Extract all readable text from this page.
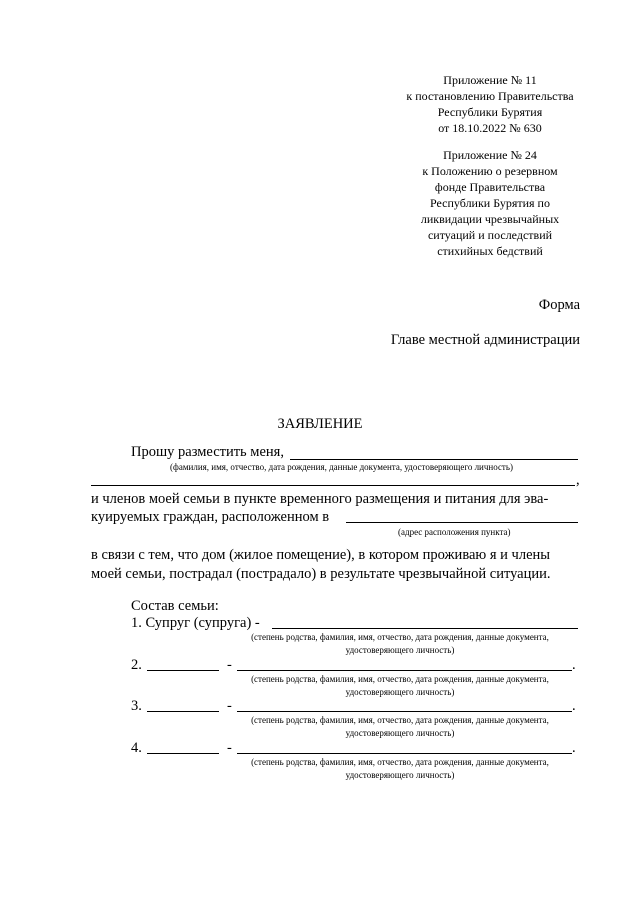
Приложение № 11
к постановлению Правительства
Республики Бурятия
от 18.10.2022 № 630
Приложение № 24
к Положению о резервном
фонде Правительства
Республики Бурятия по
ликвидации чрезвычайных
ситуаций и последствий
стихийных бедствий
Форма
Главе местной администрации
ЗАЯВЛЕНИЕ
Прошу разместить меня,
(фамилия, имя, отчество, дата рождения, данные документа, удостоверяющего личность)
,
и членов моей семьи в пункте временного размещения и питания для эва-
куируемых граждан, расположенном в
(адрес расположения пункта)
в связи с тем, что дом (жилое помещение), в котором проживаю я и члены
моей семьи, пострадал (пострадало) в результате чрезвычайной ситуации.
Состав семьи:
1. Супруг (супруга) -
(степень родства, фамилия, имя, отчество, дата рождения, данные документа,
удостоверяющего личность)
2.	-	.
(степень родства, фамилия, имя, отчество, дата рождения, данные документа,
удостоверяющего личность)
3.	-	.
(степень родства, фамилия, имя, отчество, дата рождения, данные документа,
удостоверяющего личность)
4.	-	.
(степень родства, фамилия, имя, отчество, дата рождения, данные документа,
удостоверяющего личность)
